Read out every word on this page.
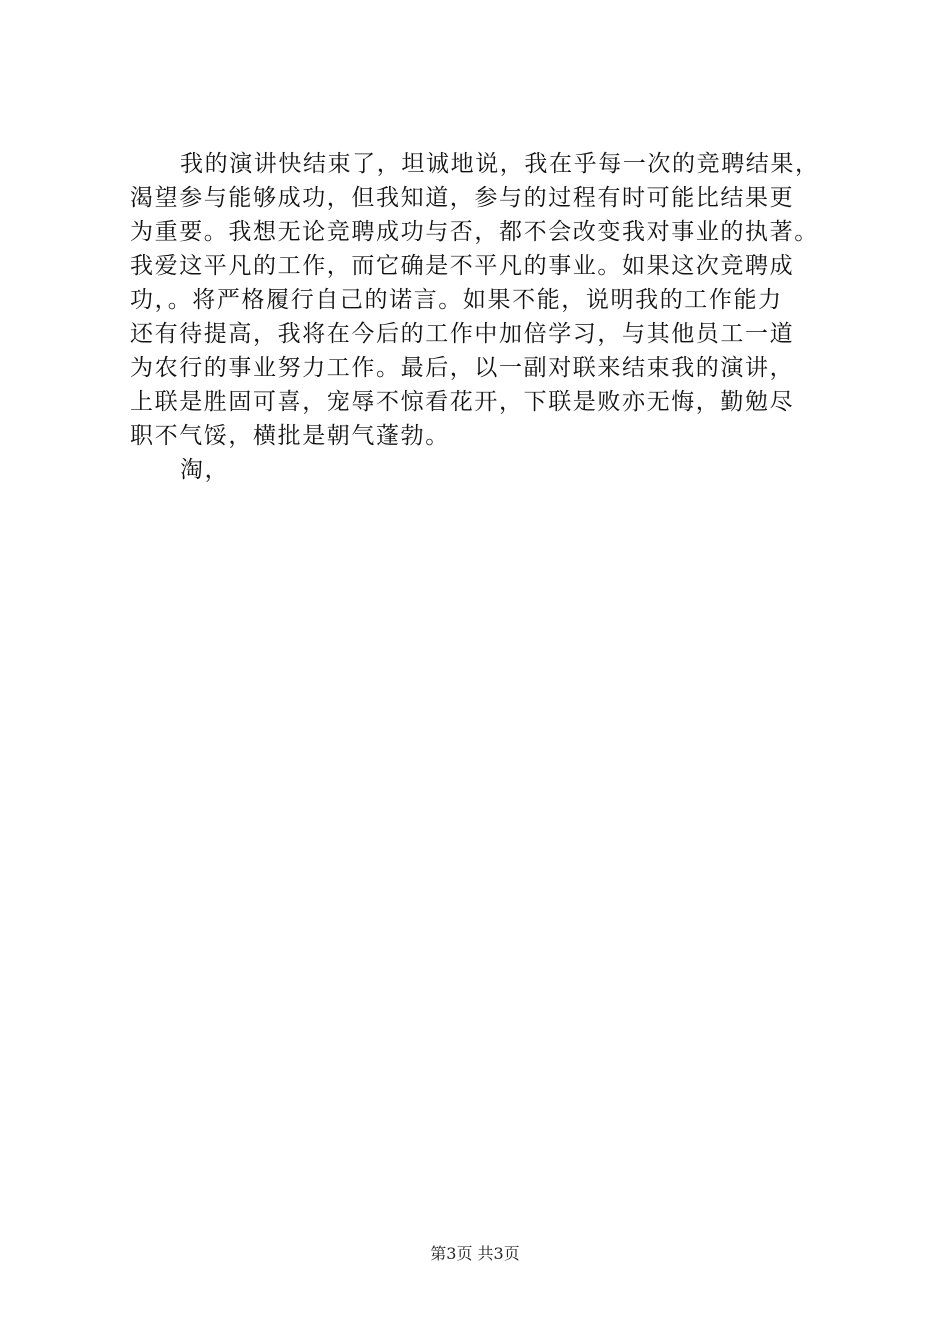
我的演讲快结束了，坦诚地说，我在乎每一次的竞聘结果，
渴望参与能够成功，但我知道，参与的过程有时可能比结果更
为重要。我想无论竞聘成功与否，都不会改变我对事业的执著。
我爱这平凡的工作，而它确是不平凡的事业。如果这次竞聘成
功，。将严格履行自己的诺言。如果不能，说明我的工作能力
还有待提高，我将在今后的工作中加倍学习，与其他员工一道
为农行的事业努力工作。最后，以一副对联来结束我的演讲，
上联是胜固可喜，宠辱不惊看花开，下联是败亦无悔，勤勉尽
职不气馁，横批是朝气蓬勃。
淘，
第3页 共3页
